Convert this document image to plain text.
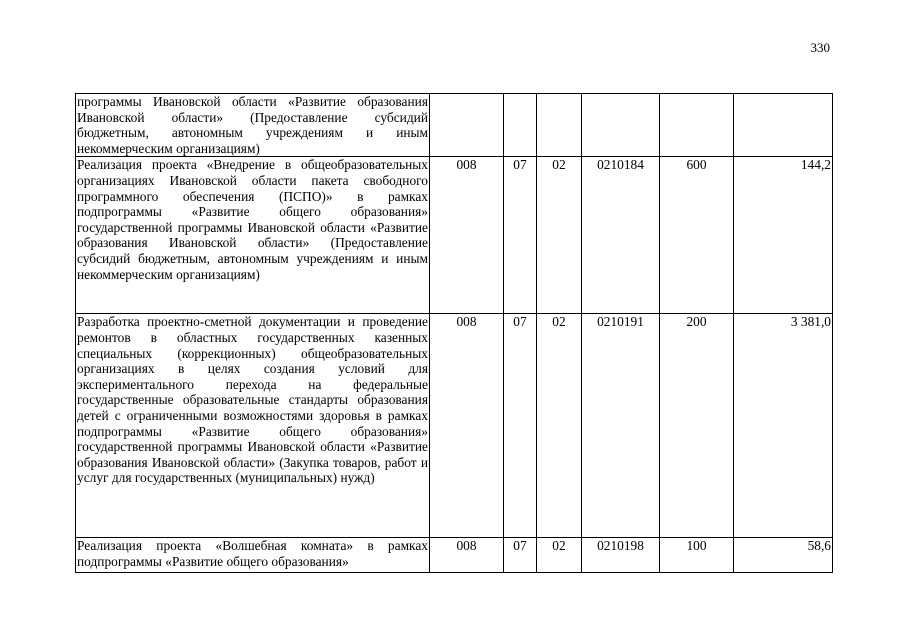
330
программы Ивановской области «Развитие образования Ивановской области» (Предоставление субсидий бюджетным, автономным учреждениям и иным некоммерческим организациям)						
Реализация проекта «Внедрение в общеобразовательных организациях Ивановской области пакета свободного программного обеспечения (ПСПО)» в рамках подпрограммы «Развитие общего образования» государственной программы Ивановской области «Развитие образования Ивановской области» (Предоставление субсидий бюджетным, автономным учреждениям и иным некоммерческим организациям)	008	07	02	0210184	600	144,2
Разработка проектно-сметной документации и проведение ремонтов в областных государственных казенных специальных (коррекционных) общеобразовательных организациях в целях создания условий для экспериментального перехода на федеральные государственные образовательные стандарты образования детей с ограниченными возможностями здоровья в рамках подпрограммы «Развитие общего образования» государственной программы Ивановской области «Развитие образования Ивановской области» (Закупка товаров, работ и услуг для государственных (муниципальных) нужд)	008	07	02	0210191	200	3 381,0
Реализация проекта «Волшебная комната» в рамках подпрограммы «Развитие общего образования»	008	07	02	0210198	100	58,6
